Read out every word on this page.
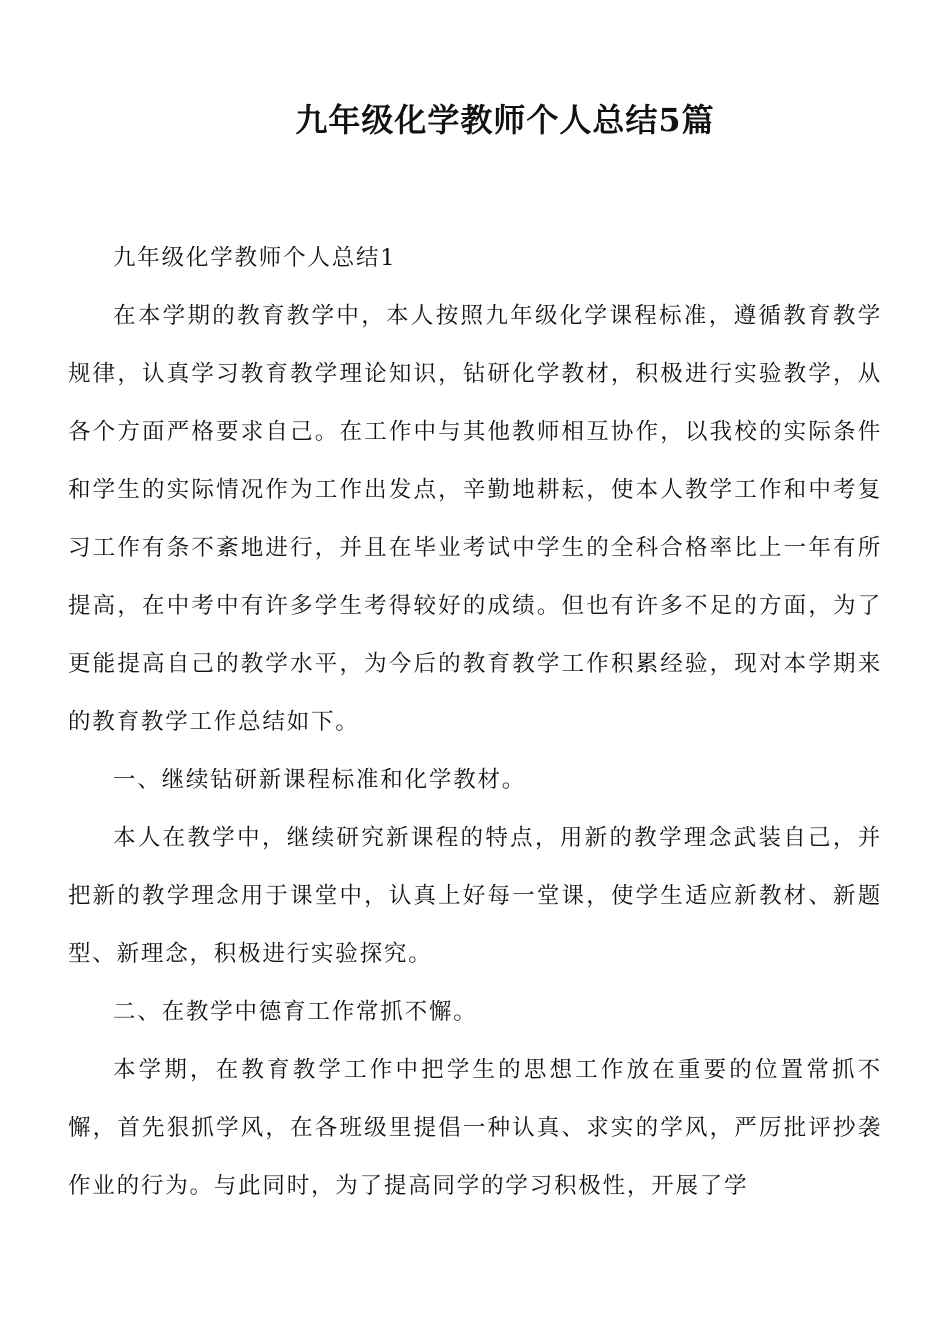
九年级化学教师个人总结5篇

九年级化学教师个人总结1

在本学期的教育教学中，本人按照九年级化学课程标准，遵循教育教学规律，认真学习教育教学理论知识，钻研化学教材，积极进行实验教学，从各个方面严格要求自己。在工作中与其他教师相互协作，以我校的实际条件和学生的实际情况作为工作出发点，辛勤地耕耘，使本人教学工作和中考复习工作有条不紊地进行，并且在毕业考试中学生的全科合格率比上一年有所提高，在中考中有许多学生考得较好的成绩。但也有许多不足的方面，为了更能提高自己的教学水平，为今后的教育教学工作积累经验，现对本学期来的教育教学工作总结如下。

一、继续钻研新课程标准和化学教材。

本人在教学中，继续研究新课程的特点，用新的教学理念武装自己，并把新的教学理念用于课堂中，认真上好每一堂课，使学生适应新教材、新题型、新理念，积极进行实验探究。

二、在教学中德育工作常抓不懈。

本学期，在教育教学工作中把学生的思想工作放在重要的位置常抓不懈，首先狠抓学风，在各班级里提倡一种认真、求实的学风，严厉批评抄袭作业的行为。与此同时，为了提高同学的学习积极性，开展了学
